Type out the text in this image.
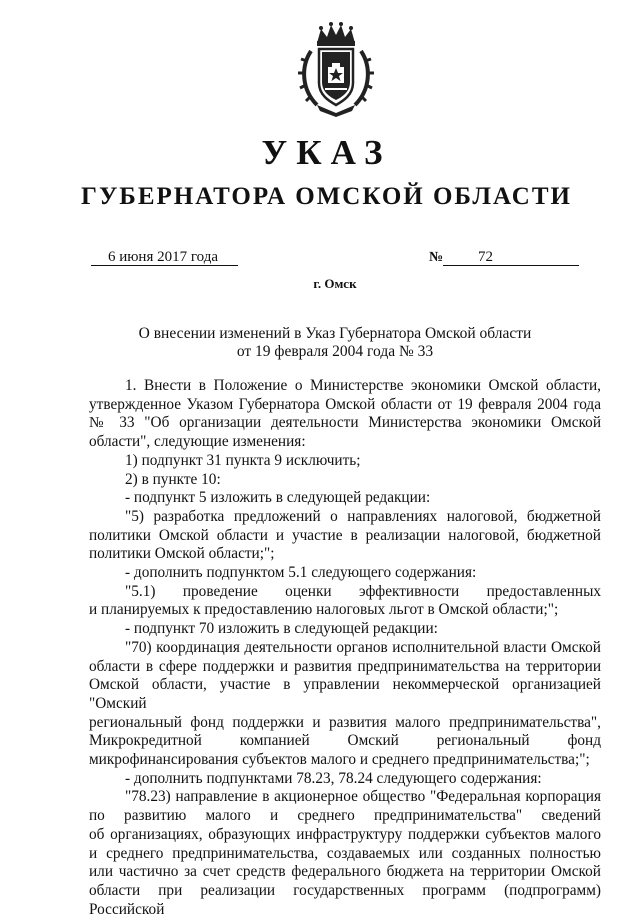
УКАЗ
ГУБЕРНАТОРА ОМСКОЙ ОБЛАСТИ
6 июня 2017 года	№	72
г. Омск
О внесении изменений в Указ Губернатора Омской области
от 19 февраля 2004 года № 33

1. Внести в Положение о Министерстве экономики Омской области,

утвержденное Указом Губернатора Омской области от 19 февраля 2004 года

№ 33 "Об организации деятельности Министерства экономики Омской

области", следующие изменения:

1) подпункт 31 пункта 9 исключить;

2) в пункте 10:

- подпункт 5 изложить в следующей редакции:

"5) разработка предложений о направлениях налоговой, бюджетной

политики Омской области и участие в реализации налоговой, бюджетной

политики Омской области;";

- дополнить подпунктом 5.1 следующего содержания:

"5.1) проведение оценки эффективности предоставленных

и планируемых к предоставлению налоговых льгот в Омской области;";

- подпункт 70 изложить в следующей редакции:

"70) координация деятельности органов исполнительной власти Омской

области в сфере поддержки и развития предпринимательства на территории

Омской области, участие в управлении некоммерческой организацией "Омский

региональный фонд поддержки и развития малого предпринимательства",

Микрокредитной компанией Омский региональный фонд

микрофинансирования субъектов малого и среднего предпринимательства;";

- дополнить подпунктами 78.23, 78.24 следующего содержания:

"78.23) направление в акционерное общество "Федеральная корпорация

по развитию малого и среднего предпринимательства" сведений

об организациях, образующих инфраструктуру поддержки субъектов малого

и среднего предпринимательства, создаваемых или созданных полностью

или частично за счет средств федерального бюджета на территории Омской

области при реализации государственных программ (подпрограмм) Российской
